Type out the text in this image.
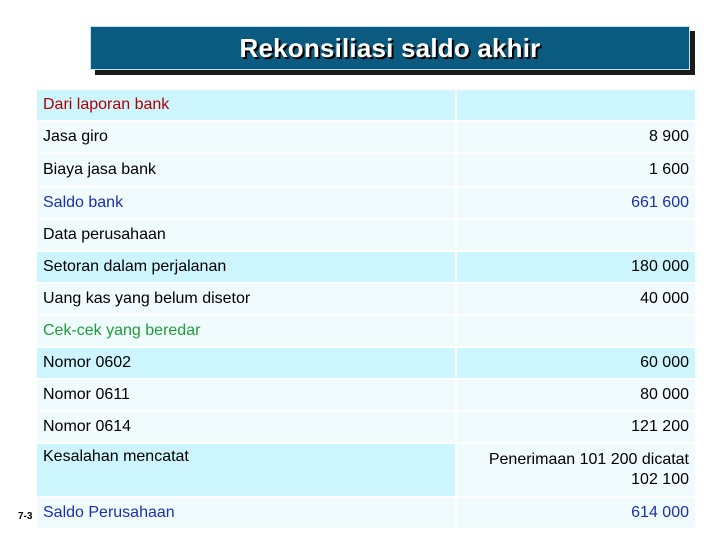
Rekonsiliasi saldo akhir
Dari laporan bank
Jasa giro	8 900
Biaya jasa bank	1 600
Saldo bank	661 600
Data perusahaan
Setoran dalam perjalanan	180 000
Uang kas yang belum disetor	40 000
Cek-cek yang beredar
Nomor 0602	60 000
Nomor 0611	80 000
Nomor 0614	121 200
Kesalahan mencatat	Penerimaan 101 200 dicatat 102 100
Saldo Perusahaan	614 000
7-3
